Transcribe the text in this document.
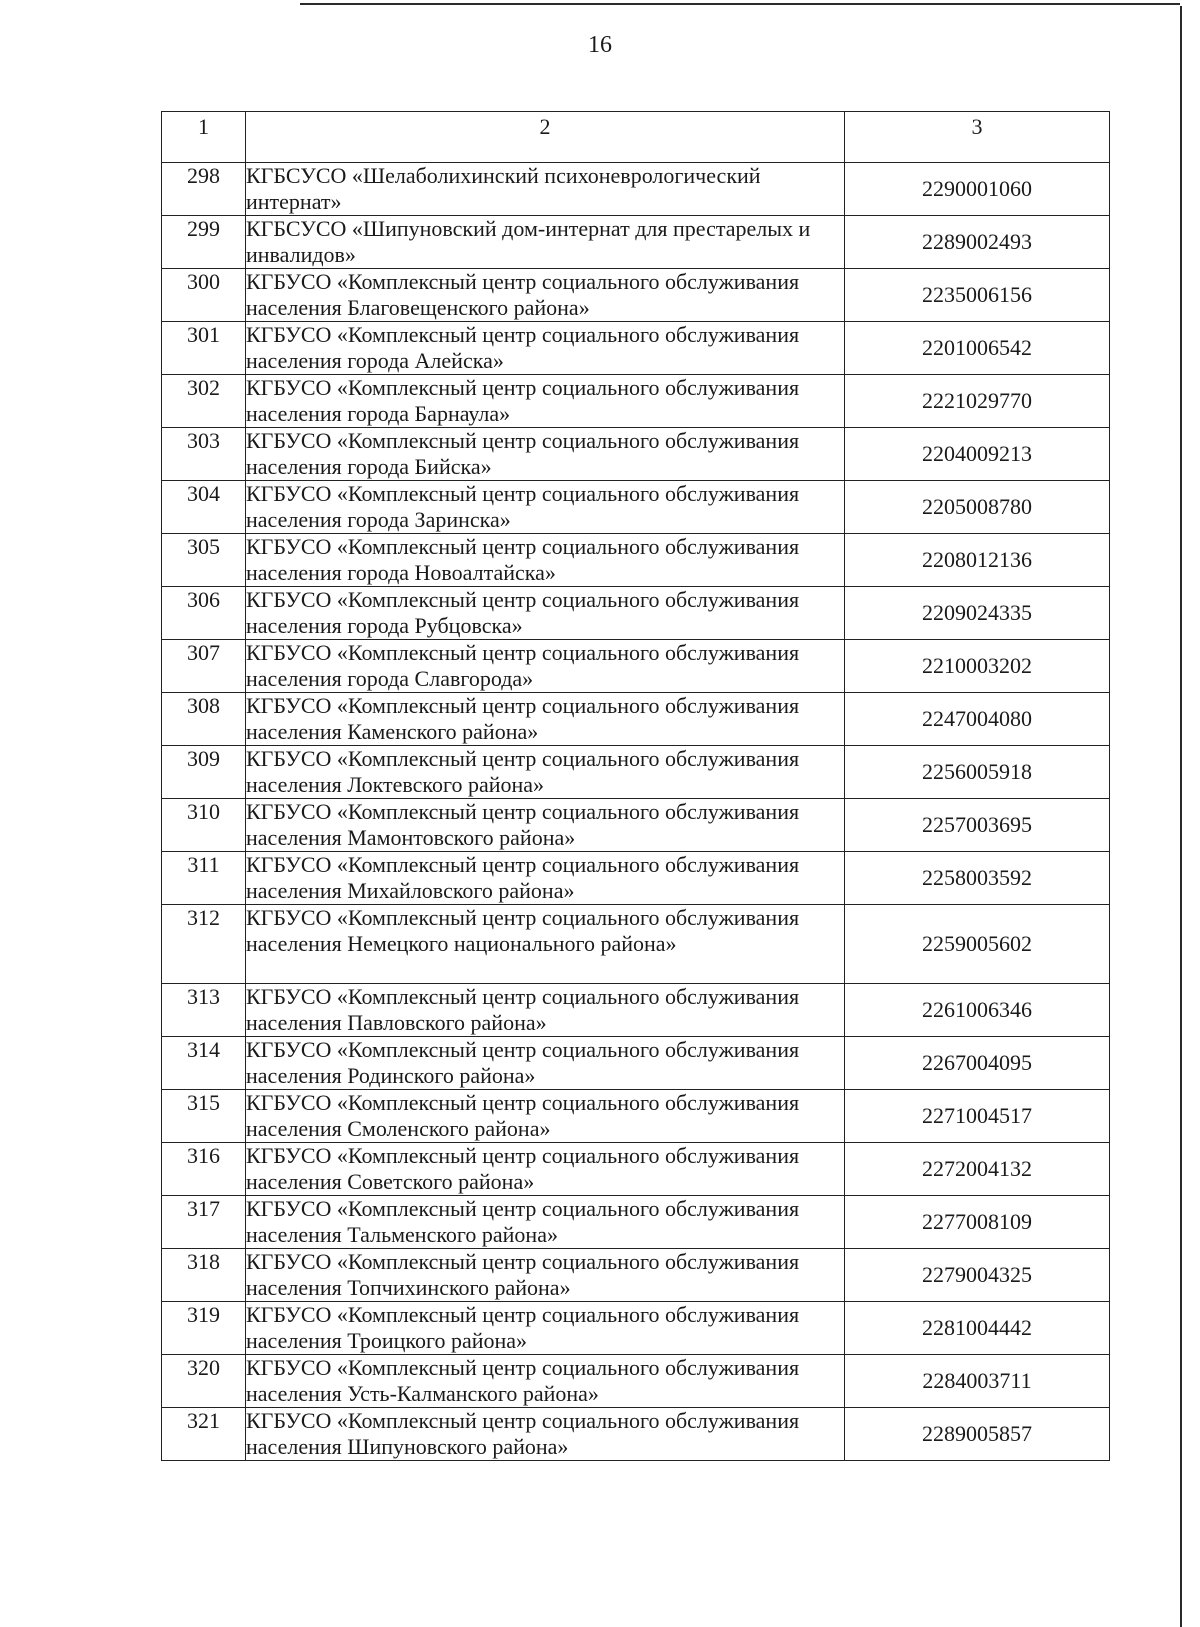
16
1	2	3
298	КГБСУСО «Шелаболихинский психоневрологический интернат»	2290001060
299	КГБСУСО «Шипуновский дом-интернат для престарелых и инвалидов»	2289002493
300	КГБУСО «Комплексный центр социального обслуживания населения Благовещенского района»	2235006156
301	КГБУСО «Комплексный центр социального обслуживания населения города Алейска»	2201006542
302	КГБУСО «Комплексный центр социального обслуживания населения города Барнаула»	2221029770
303	КГБУСО «Комплексный центр социального обслуживания населения города Бийска»	2204009213
304	КГБУСО «Комплексный центр социального обслуживания населения города Заринска»	2205008780
305	КГБУСО «Комплексный центр социального обслуживания населения города Новоалтайска»	2208012136
306	КГБУСО «Комплексный центр социального обслуживания населения города Рубцовска»	2209024335
307	КГБУСО «Комплексный центр социального обслуживания населения города Славгорода»	2210003202
308	КГБУСО «Комплексный центр социального обслуживания населения Каменского района»	2247004080
309	КГБУСО «Комплексный центр социального обслуживания населения Локтевского района»	2256005918
310	КГБУСО «Комплексный центр социального обслуживания населения Мамонтовского района»	2257003695
311	КГБУСО «Комплексный центр социального обслуживания населения Михайловского района»	2258003592
312	КГБУСО «Комплексный центр социального обслуживания населения Немецкого национального района»	2259005602
313	КГБУСО «Комплексный центр социального обслуживания населения Павловского района»	2261006346
314	КГБУСО «Комплексный центр социального обслуживания населения Родинского района»	2267004095
315	КГБУСО «Комплексный центр социального обслуживания населения Смоленского района»	2271004517
316	КГБУСО «Комплексный центр социального обслуживания населения Советского района»	2272004132
317	КГБУСО «Комплексный центр социального обслуживания населения Тальменского района»	2277008109
318	КГБУСО «Комплексный центр социального обслуживания населения Топчихинского района»	2279004325
319	КГБУСО «Комплексный центр социального обслуживания населения Троицкого района»	2281004442
320	КГБУСО «Комплексный центр социального обслуживания населения Усть-Калманского района»	2284003711
321	КГБУСО «Комплексный центр социального обслуживания населения Шипуновского района»	2289005857
